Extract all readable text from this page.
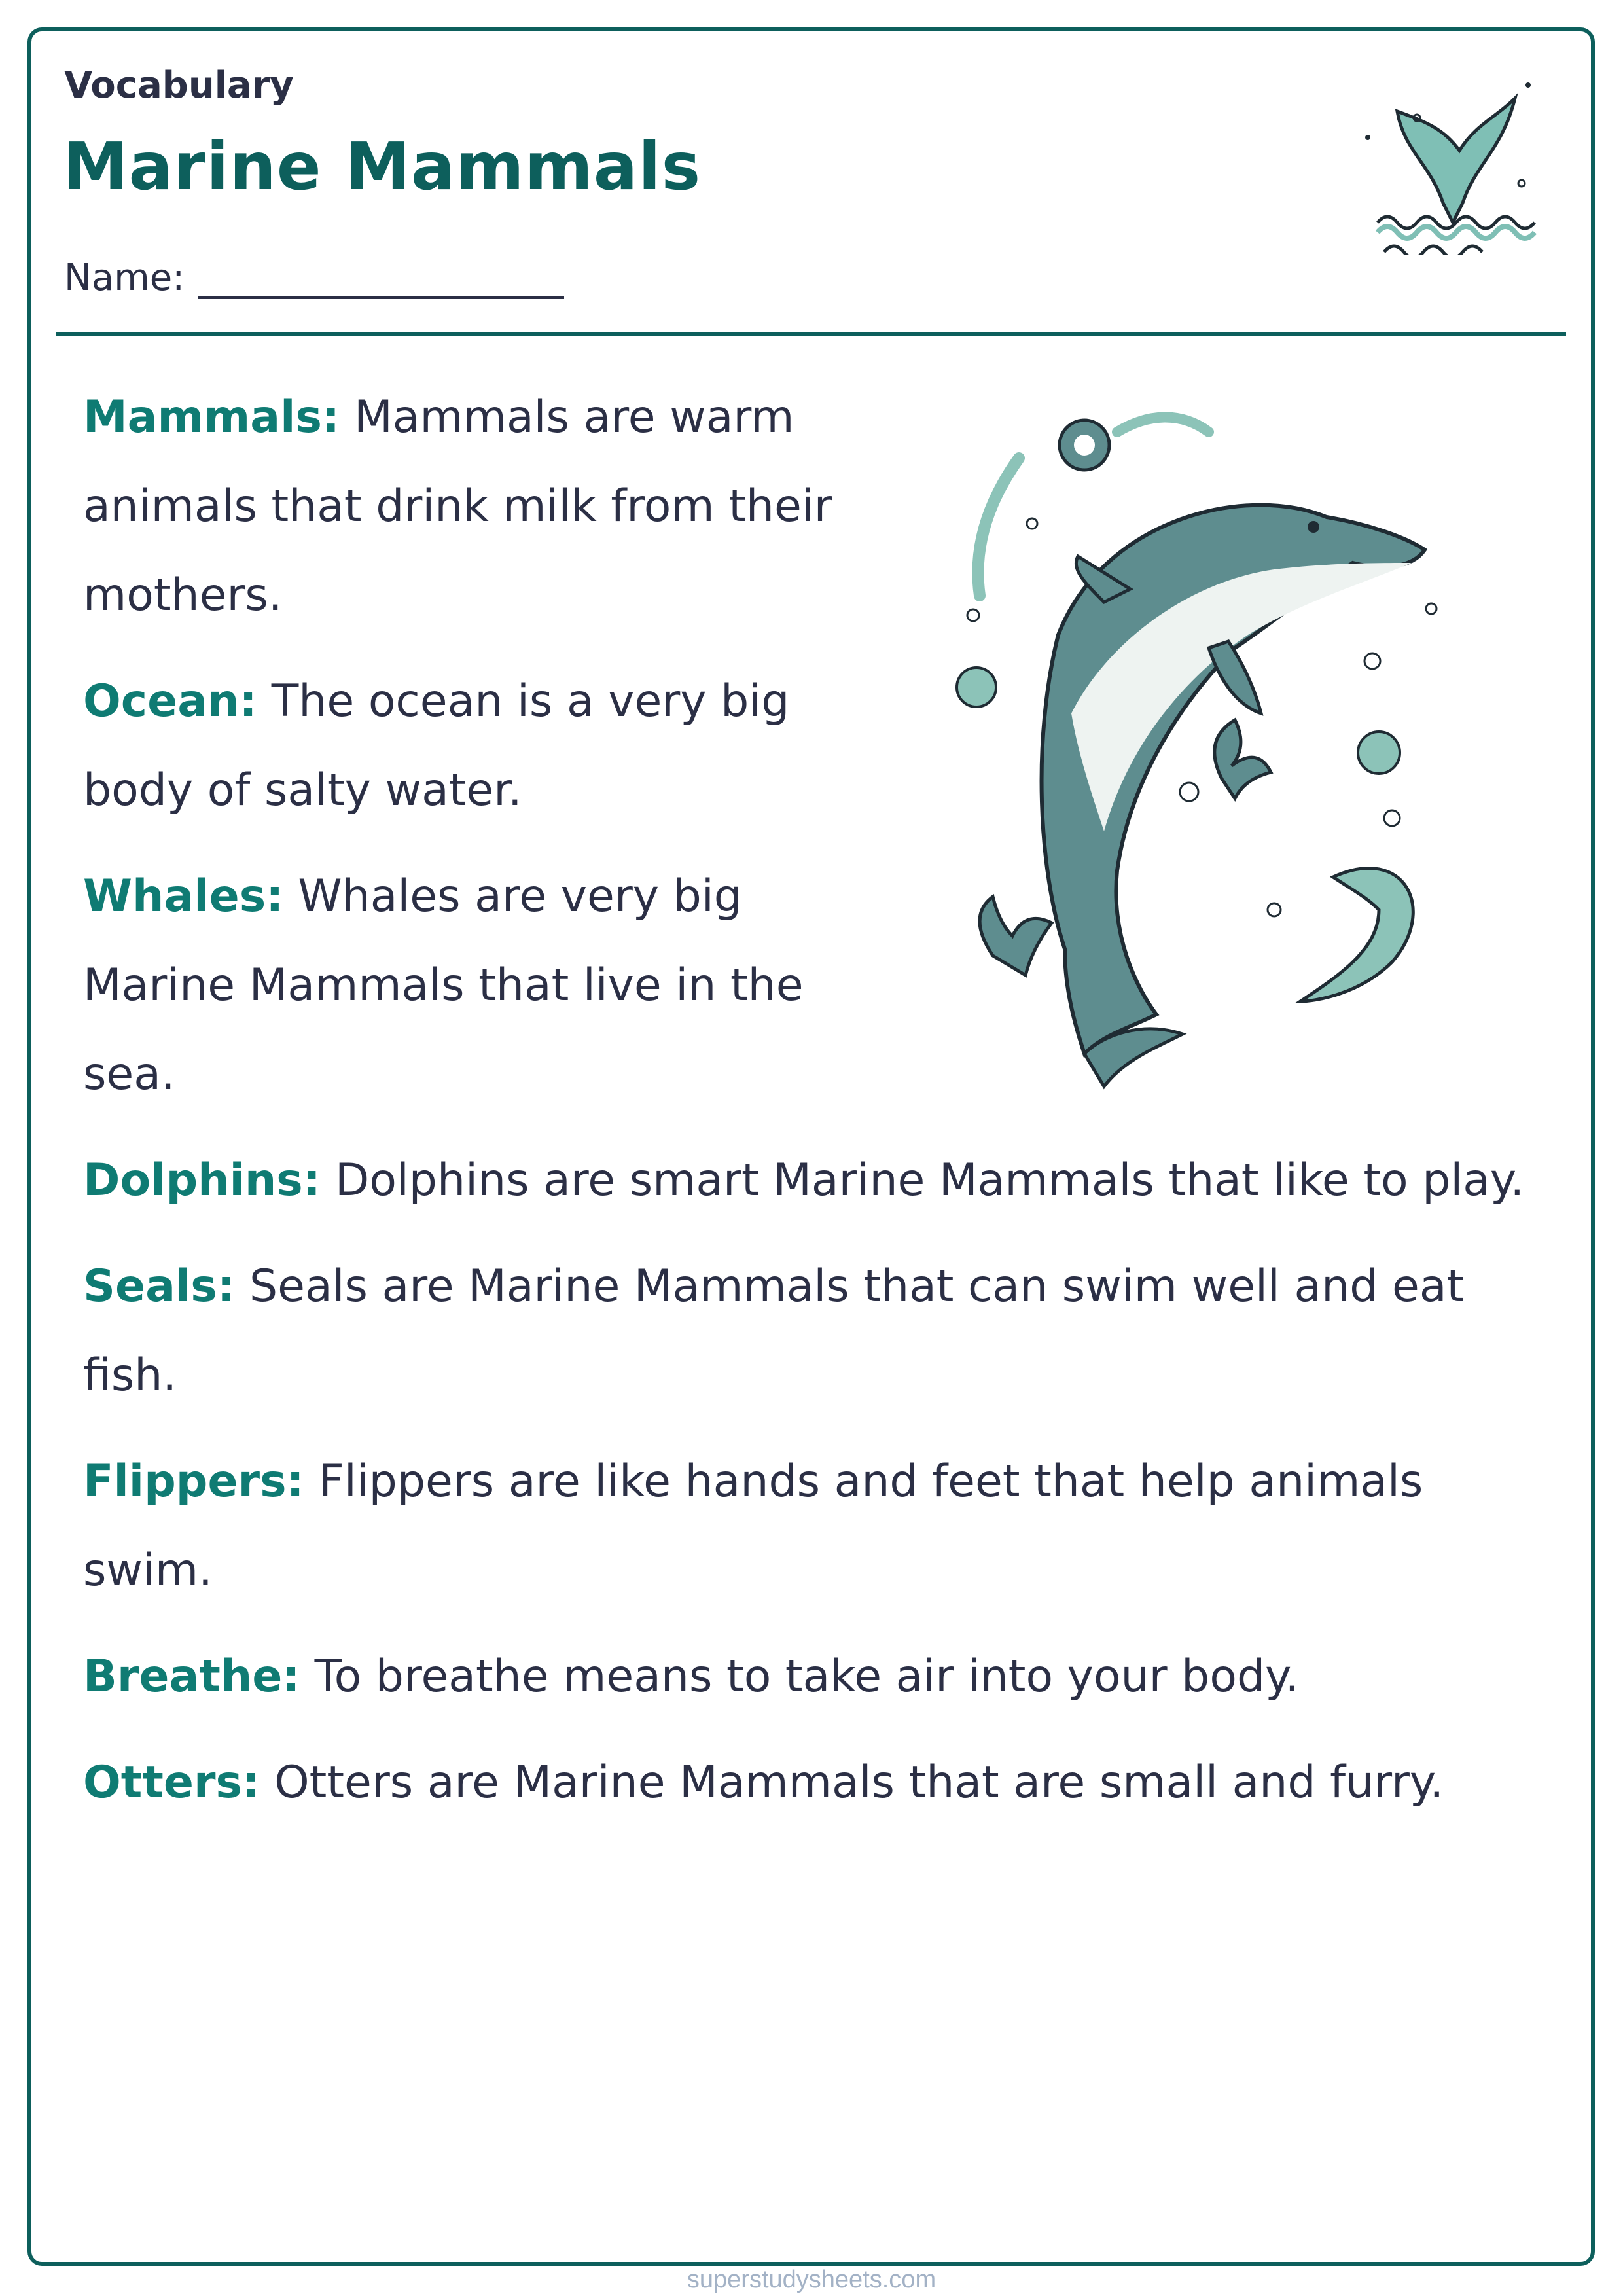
Vocabulary
Marine Mammals
Name:

Mammals: Mammals are warm animals that drink milk from their mothers.

Ocean: The ocean is a very big body of salty water.

Whales: Whales are very big Marine Mammals that live in the sea.

Dolphins: Dolphins are smart Marine Mammals that like to play.

Seals: Seals are Marine Mammals that can swim well and eat fish.

Flippers: Flippers are like hands and feet that help animals swim.

Breathe: To breathe means to take air into your body.

Otters: Otters are Marine Mammals that are small and furry.

superstudysheets.com
